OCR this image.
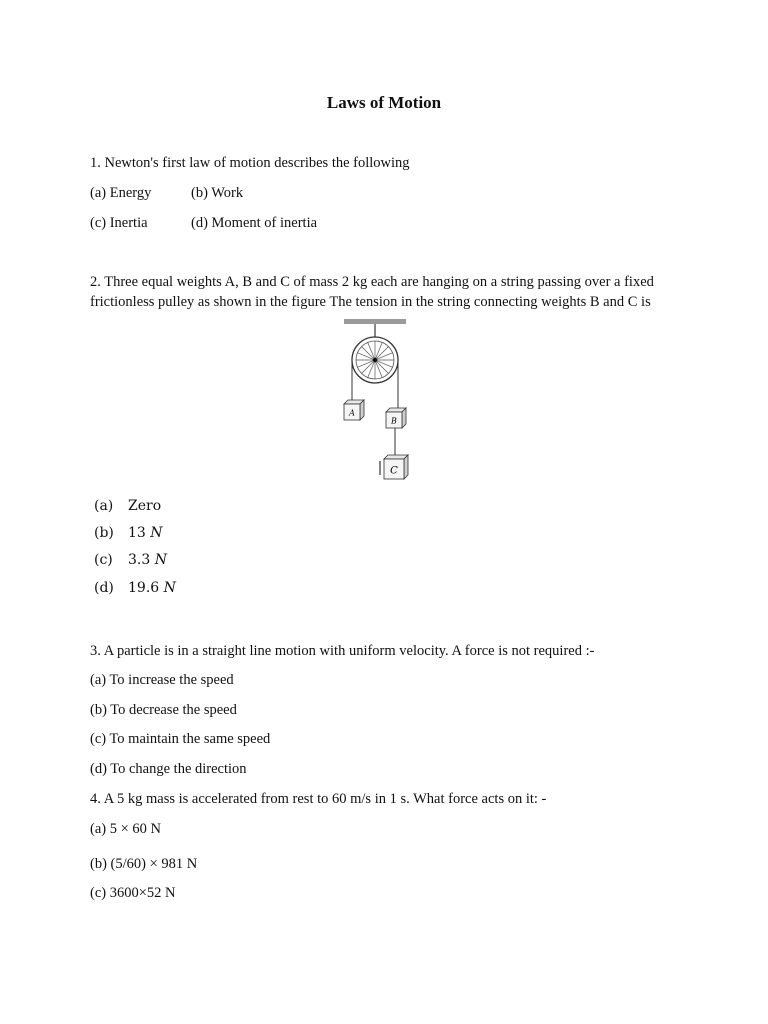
Laws of Motion
1. Newton's first law of motion describes the following
(a) Energy	(b) Work
(c) Inertia	(d) Moment of inertia
2. Three equal weights A, B and C of mass 2 kg each are hanging on a string passing over a fixed
frictionless pulley as shown in the figure The tension in the string connecting weights B and C is
A
B
C
(a) Zero
(b) 13 N
(c) 3.3 N
(d) 19.6 N
3. A particle is in a straight line motion with uniform velocity. A force is not required :-
(a) To increase the speed
(b) To decrease the speed
(c) To maintain the same speed
(d) To change the direction
4. A 5 kg mass is accelerated from rest to 60 m/s in 1 s. What force acts on it: -
(a) 5 × 60 N
(b) (5/60) × 981 N
(c) 3600×52 N
